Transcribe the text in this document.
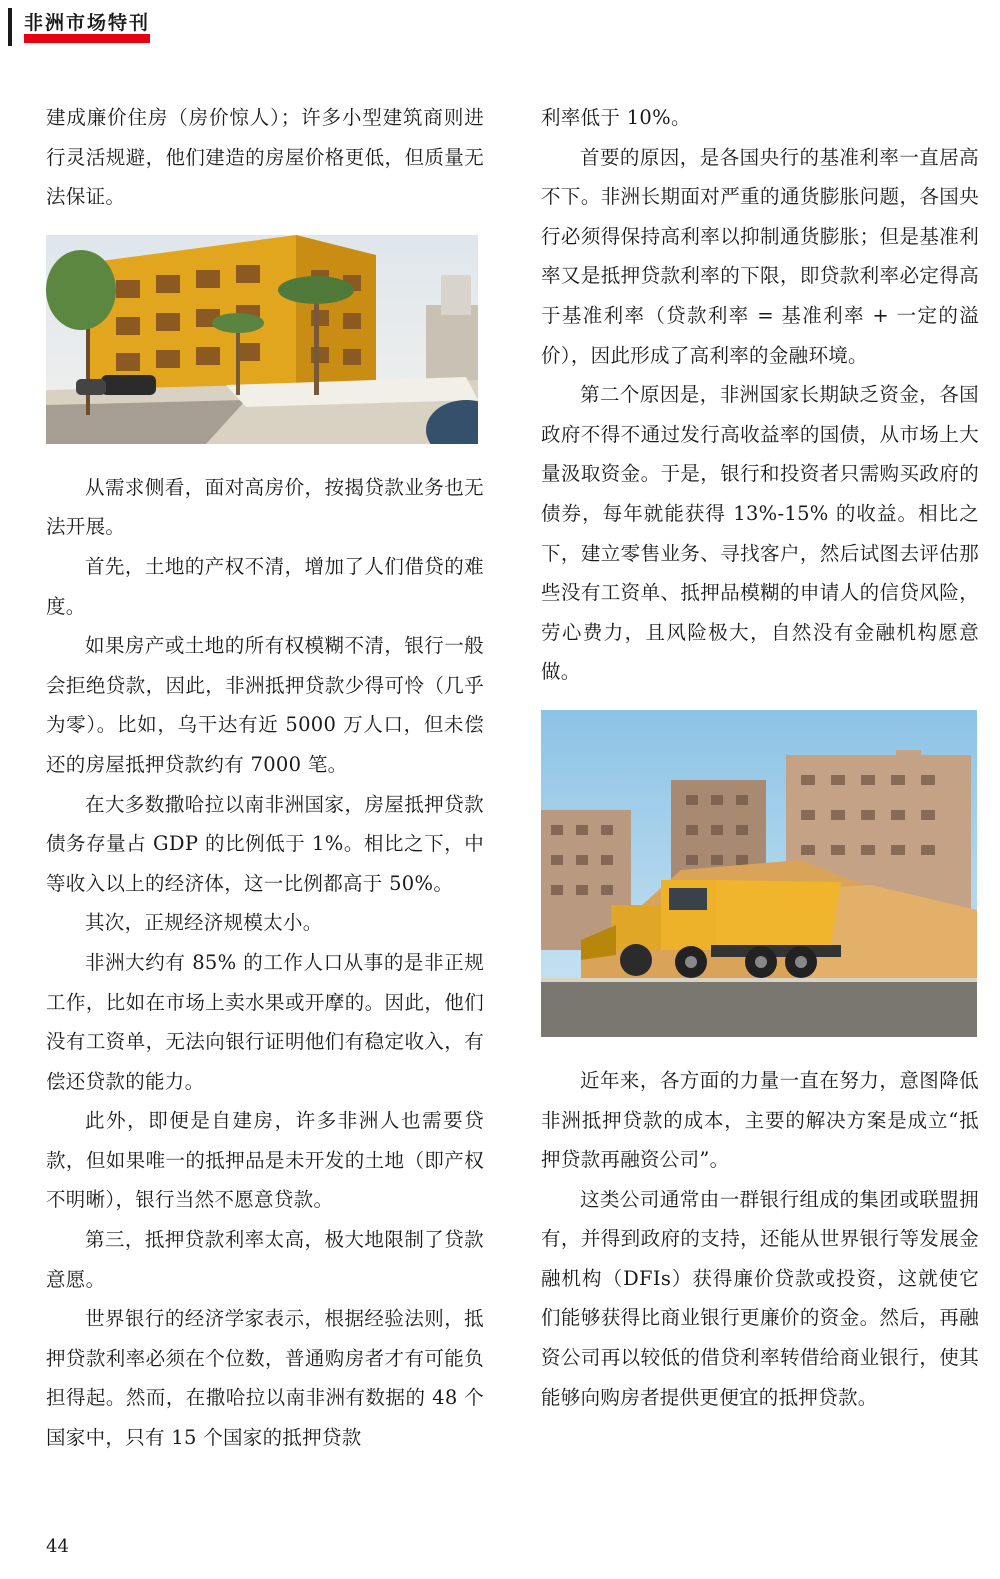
非洲市场特刊

建成廉价住房（房价惊人）；许多小型建筑商则进行灵活规避，他们建造的房屋价格更低，但质量无法保证。

从需求侧看，面对高房价，按揭贷款业务也无法开展。

首先，土地的产权不清，增加了人们借贷的难度。

如果房产或土地的所有权模糊不清，银行一般会拒绝贷款，因此，非洲抵押贷款少得可怜（几乎为零）。比如，乌干达有近 5000 万人口，但未偿还的房屋抵押贷款约有 7000 笔。

在大多数撒哈拉以南非洲国家，房屋抵押贷款债务存量占 GDP 的比例低于 1%。相比之下，中等收入以上的经济体，这一比例都高于 50%。

其次，正规经济规模太小。

非洲大约有 85% 的工作人口从事的是非正规工作，比如在市场上卖水果或开摩的。因此，他们没有工资单，无法向银行证明他们有稳定收入，有偿还贷款的能力。

此外，即便是自建房，许多非洲人也需要贷款，但如果唯一的抵押品是未开发的土地（即产权不明晰），银行当然不愿意贷款。

第三，抵押贷款利率太高，极大地限制了贷款意愿。

世界银行的经济学家表示，根据经验法则，抵押贷款利率必须在个位数，普通购房者才有可能负担得起。然而，在撒哈拉以南非洲有数据的 48 个国家中，只有 15 个国家的抵押贷款

利率低于 10%。

首要的原因，是各国央行的基准利率一直居高不下。非洲长期面对严重的通货膨胀问题，各国央行必须得保持高利率以抑制通货膨胀；但是基准利率又是抵押贷款利率的下限，即贷款利率必定得高于基准利率（贷款利率 = 基准利率 + 一定的溢价），因此形成了高利率的金融环境。

第二个原因是，非洲国家长期缺乏资金，各国政府不得不通过发行高收益率的国债，从市场上大量汲取资金。于是，银行和投资者只需购买政府的债券，每年就能获得 13%-15% 的收益。相比之下，建立零售业务、寻找客户，然后试图去评估那些没有工资单、抵押品模糊的申请人的信贷风险，劳心费力，且风险极大，自然没有金融机构愿意做。

近年来，各方面的力量一直在努力，意图降低非洲抵押贷款的成本，主要的解决方案是成立“抵押贷款再融资公司”。

这类公司通常由一群银行组成的集团或联盟拥有，并得到政府的支持，还能从世界银行等发展金融机构（DFIs）获得廉价贷款或投资，这就使它们能够获得比商业银行更廉价的资金。然后，再融资公司再以较低的借贷利率转借给商业银行，使其能够向购房者提供更便宜的抵押贷款。

44
